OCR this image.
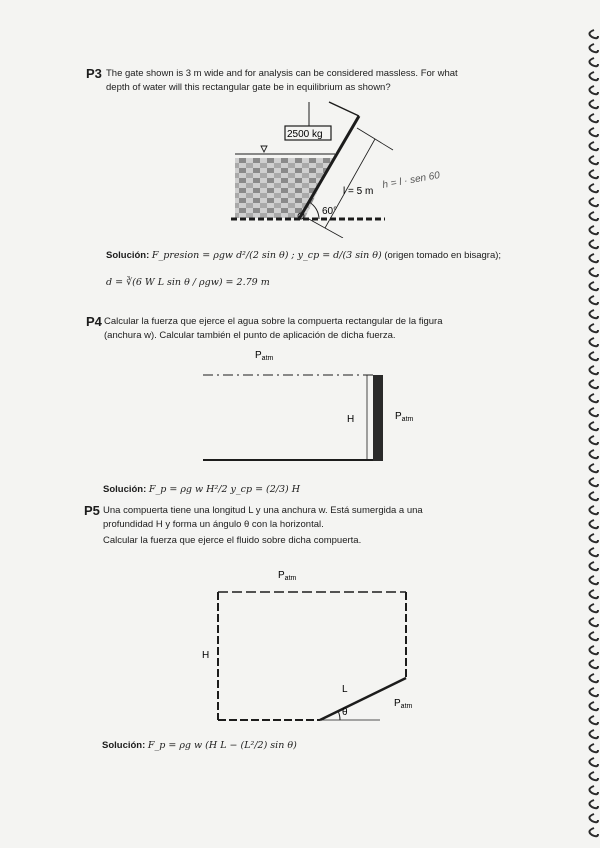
P3 The gate shown is 3 m wide and for analysis can be considered massless. For what
depth of water will this rectangular gate be in equilibrium as shown?
2500 kg
60°
l = 5 m
h = l · sen 60
Solución: F_presion = ρgw d²/(2 sin θ) ; y_cp = d/(3 sin θ) (origen tomado en bisagra);
d = ∛(6 W L sin θ / ρgw) = 2.79 m
P4 Calcular la fuerza que ejerce el agua sobre la compuerta rectangular de la figura
(anchura w). Calcular también el punto de aplicación de dicha fuerza.
$P_{atm}$
H	$P_{atm}$
Solución: F_p = ρg w H²/2 y_cp = (2/3) H
P5 Una compuerta tiene una longitud L y una anchura w. Está sumergida a una
profundidad H y forma un ángulo θ con la horizontal.
Calcular la fuerza que ejerce el fluido sobre dicha compuerta.
$P_{atm}$
θ
L
H
$P_{atm}$
Solución: F_p = ρg w (H L − (L²/2) sin θ)
